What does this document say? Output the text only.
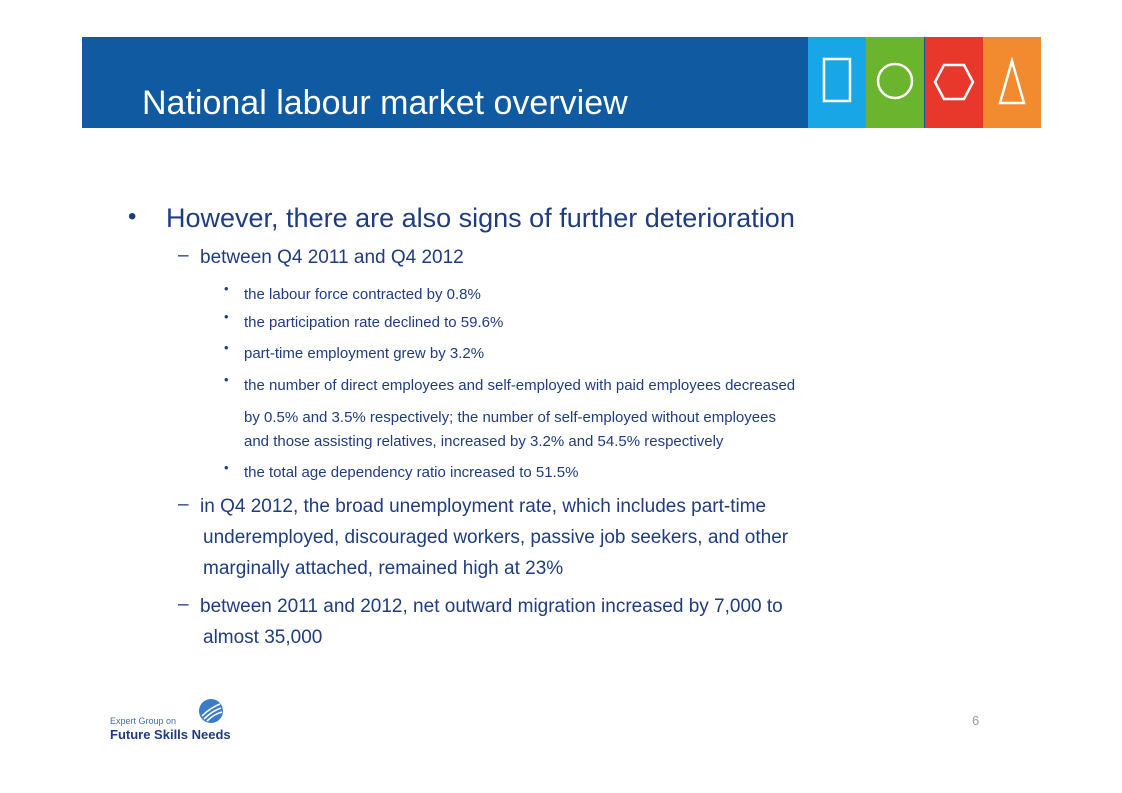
National labour market overview
• However, there are also signs of further deterioration
– between Q4 2011 and Q4 2012
• the labour force contracted by 0.8%
• the participation rate declined to 59.6%
• part-time employment grew by 3.2%
• the number of direct employees and self-employed with paid employees decreased
by 0.5% and 3.5% respectively; the number of self-employed without employees
and those assisting relatives, increased by 3.2% and 54.5% respectively
• the total age dependency ratio increased to 51.5%
– in Q4 2012, the broad unemployment rate, which includes part-time
underemployed, discouraged workers, passive job seekers, and other
marginally attached, remained high at 23%
– between 2011 and 2012, net outward migration increased by 7,000 to
almost 35,000
Expert Group on
Future Skills Needs
6
